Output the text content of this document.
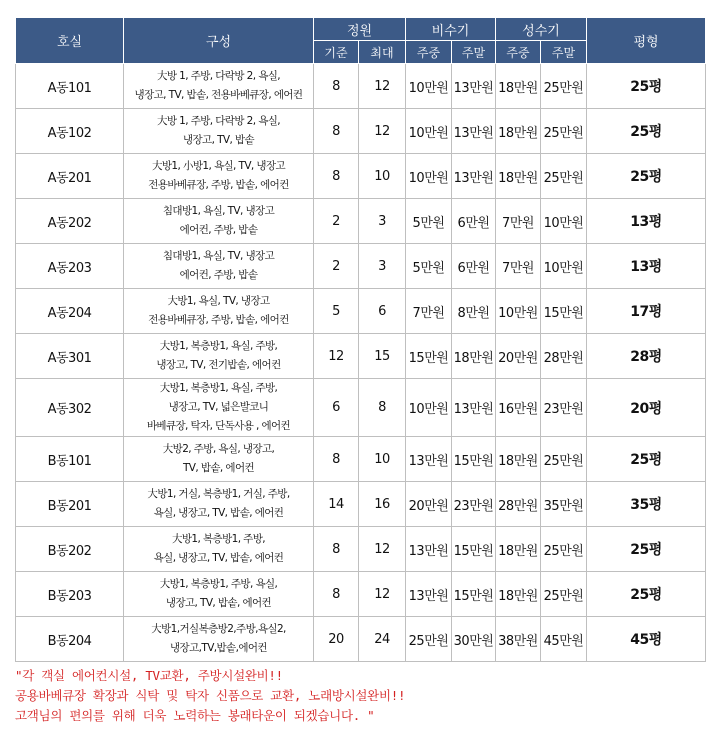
호실	구성	정원		비수기		성수기		평형
		기준	최대	주중	주말	주중	주말	
A동101	大방 1, 주방, 다락방 2, 욕실,
냉장고, TV, 밥솥, 전용바베큐장, 에어컨	8	12	10만원	13만원	18만원	25만원	25평
A동102	大방 1, 주방, 다락방 2, 욕실,
냉장고, TV, 밥솥	8	12	10만원	13만원	18만원	25만원	25평
A동201	大방1, 小방1, 욕실, TV, 냉장고
전용바베큐장, 주방, 밥솥, 에어컨	8	10	10만원	13만원	18만원	25만원	25평
A동202	침대방1, 욕실, TV, 냉장고
에어컨, 주방, 밥솥	2	3	5만원	6만원	7만원	10만원	13평
A동203	침대방1, 욕실, TV, 냉장고
에어컨, 주방, 밥솥	2	3	5만원	6만원	7만원	10만원	13평
A동204	大방1, 욕실, TV, 냉장고
전용바베큐장, 주방, 밥솥, 에어컨	5	6	7만원	8만원	10만원	15만원	17평
A동301	大방1, 복층방1, 욕실, 주방,
냉장고, TV, 전기밥솥, 에어컨	12	15	15만원	18만원	20만원	28만원	28평
A동302	大방1, 복층방1, 욕실, 주방,
냉장고, TV, 넓은발코니
바베큐장, 탁자, 단독사용 , 에어컨	6	8	10만원	13만원	16만원	23만원	20평
B동101	大방2, 주방, 욕실, 냉장고,
TV, 밥솥, 에어컨	8	10	13만원	15만원	18만원	25만원	25평
B동201	大방1, 거실, 복층방1, 거실, 주방,
욕실, 냉장고, TV, 밥솥, 에어컨	14	16	20만원	23만원	28만원	35만원	35평
B동202	大방1, 복층방1, 주방,
욕실, 냉장고, TV, 밥솥, 에어컨	8	12	13만원	15만원	18만원	25만원	25평
B동203	大방1, 복층방1, 주방, 욕실,
냉장고, TV, 밥솥, 에어컨	8	12	13만원	15만원	18만원	25만원	25평
B동204	大방1,거실복층방2,주방,욕실2,
냉장고,TV,밥솥,에어컨	20	24	25만원	30만원	38만원	45만원	45평
"각 객실 에어컨시설, TV교환, 주방시설완비!!
공용바베큐장 확장과 식탁 및 탁자 신품으로 교환, 노래방시설완비!!
고객님의 편의를 위해 더욱 노력하는 봉래타운이 되겠습니다. "
